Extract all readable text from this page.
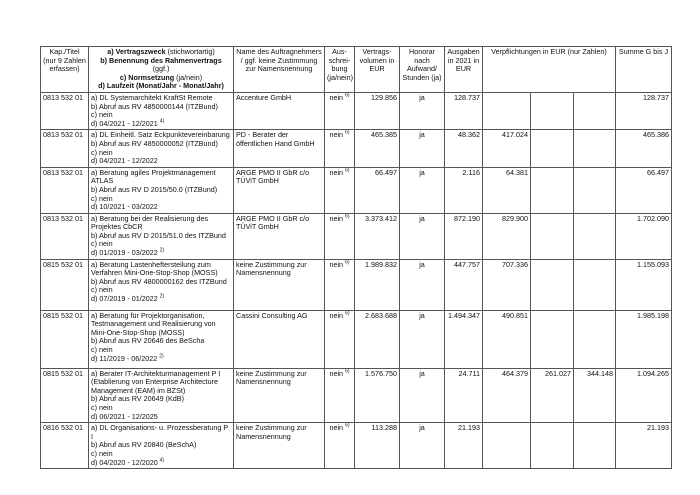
Kap./Titel (nur 9 Zahlen erfassen)	a) Vertragszweck (stichwortartig)
b) Benennung des Rahmenvertrags (ggf.)
c) Normsetzung (ja/nein)
d) Laufzeit (Monat/Jahr - Monat/Jahr)	Name des Auftragnehmers / ggf. keine Zustimmung zur Namensnennung	Aus-schrei-bung (ja/nein)	Vertrags-volumen in EUR	Honorar nach Aufwand/ Stunden (ja)	Ausgaben in 2021 in EUR	Verpflichtungen in EUR (nur Zahlen)			Summe G bis J
0813 532 01	a) DL Systemarchitekt KraftSt Remote
b) Abruf aus RV 4850000144 (ITZBund)
c) nein
d) 04/2021 - 12/2021 $^{4)}$	Accenture GmbH	nein $^{6)}$	129.856	ja	128.737				128.737
0813 532 01	a) DL Einheitl. Satz Eckpunktevereinbarung
b) Abruf aus RV 4850000052 (ITZBund)
c) nein
d) 04/2021 - 12/2022	PD - Berater der öffentlichen Hand GmbH	nein $^{6)}$	465.385	ja	48.362	417.024			465.386
0813 532 01	a) Beratung agiles Projektmanagement ATLAS
b) Abruf aus RV D 2015/50.0 (ITZBund)
c) nein
d) 10/2021 - 03/2022	ARGE PMO II GbR c/o TÜViT GmbH	nein $^{6)}$	66.497	ja	2.116	64.381			66.497
0813 532 01	a) Beratung bei der Realisierung des Projektes CbCR
b) Abruf aus RV D 2015/51.0 des ITZBund
c) nein
d) 01/2019 - 03/2022 $^{2)}$	ARGE PMO II GbR c/o TÜViT GmbH	nein $^{6)}$	3.373.412	ja	872.190	829.900			1.702.090
0815 532 01	a) Beratung Lastenheftersteilung zum Verfahren Mini-One-Stop-Shop (MOSS)
b) Abruf aus RV 4800000162 des ITZBund
c) nein
d) 07/2019 - 01/2022 $^{2)}$	keine Zustimmung zur Namensnennung	nein $^{6)}$	1.989.832	ja	447.757	707.336			1.155.093
0815 532 01	a) Beratung für Projektorganisation, Testmanagement und Realisierung von Mini-One-Stop-Shop (MOSS)
b) Abruf aus RV 20646 des BeScha
c) nein
d) 11/2019 - 06/2022 $^{2)}$	Cassini Consulting AG	nein $^{6)}$	2.683.688	ja	1.494.347	490.851			1.985.198
0815 532 01	a) Berater IT-Architekturmanagement P I (Etablierung von Enterprise Architecture Management (EAM) im BZSt)
b) Abruf aus RV 20649 (KdB)
c) nein
d) 06/2021 - 12/2025	keine Zustimmung zur Namensnennung	nein $^{6)}$	1.576.750	ja	24.711	464.379	261.027	344.148	1.094.265
0816 532 01	a) DL Organisations- u. Prozessberatung P I
b) Abruf aus RV 20840 (BeSchA)
c) nein
d) 04/2020 - 12/2020 $^{4)}$	keine Zustimmung zur Namensnennung	nein $^{6)}$	113.288	ja	21.193				21.193
